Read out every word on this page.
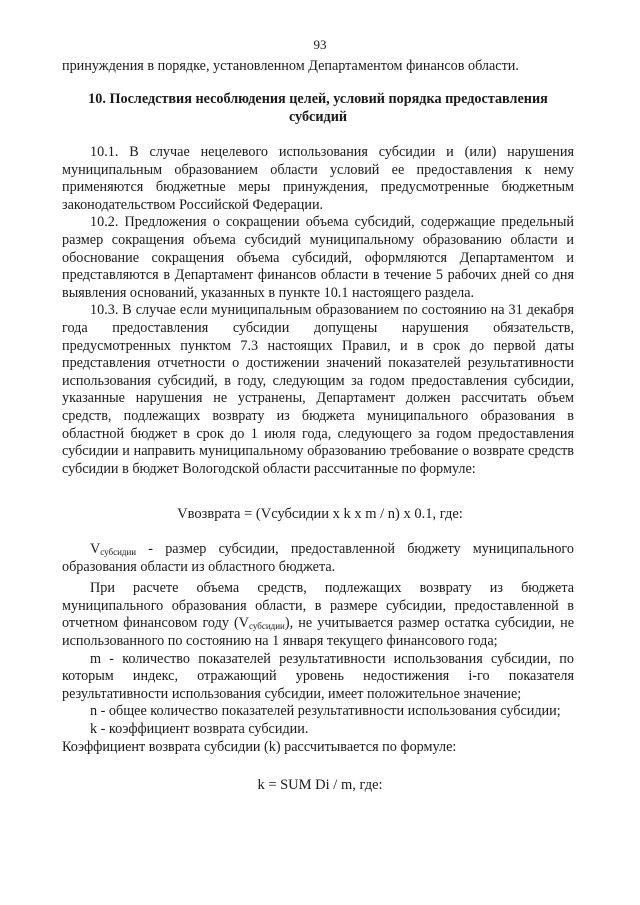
93

принуждения в порядке, установленном Департаментом финансов области.

10. Последствия несоблюдения целей, условий порядка предоставления субсидий

10.1. В случае нецелевого использования субсидии и (или) нарушения муниципальным образованием области условий ее предоставления к нему применяются бюджетные меры принуждения, предусмотренные бюджетным законодательством Российской Федерации.

10.2. Предложения о сокращении объема субсидий, содержащие предельный размер сокращения объема субсидий муниципальному образованию области и обоснование сокращения объема субсидий, оформляются Департаментом и представляются в Департамент финансов области в течение 5 рабочих дней со дня выявления оснований, указанных в пункте 10.1 настоящего раздела.

10.3. В случае если муниципальным образованием по состоянию на 31 декабря года предоставления субсидии допущены нарушения обязательств, предусмотренных пунктом 7.3 настоящих Правил, и в срок до первой даты представления отчетности о достижении значений показателей результативности использования субсидий, в году, следующим за годом предоставления субсидии, указанные нарушения не устранены, Департамент должен рассчитать объем средств, подлежащих возврату из бюджета муниципального образования в областной бюджет в срок до 1 июля года, следующего за годом предоставления субсидии и направить муниципальному образованию требование о возврате средств субсидии в бюджет Вологодской области рассчитанные по формуле:

Vвозврата = (Vсубсидии x k x m / n) x 0.1, где:

$V_{субсидии}$ - размер субсидии, предоставленной бюджету муниципального образования области из областного бюджета.

При расчете объема средств, подлежащих возврату из бюджета муниципального образования области, в размере субсидии, предоставленной в отчетном финансовом году $(V_{субсидии})$, не учитывается размер остатка субсидии, не использованного по состоянию на 1 января текущего финансового года;

m - количество показателей результативности использования субсидии, по которым индекс, отражающий уровень недостижения i-го показателя результативности использования субсидии, имеет положительное значение;

n - общее количество показателей результативности использования субсидии;

k - коэффициент возврата субсидии.

Коэффициент возврата субсидии (k) рассчитывается по формуле:

k = SUM Di / m, где:
